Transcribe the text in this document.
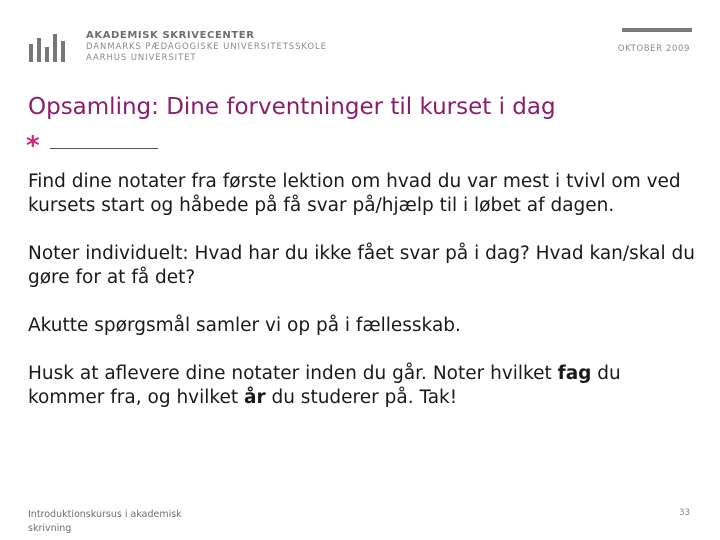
AKADEMISK SKRIVECENTER
DANMARKS PÆDAGOGISKE UNIVERSITETSSKOLE
AARHUS UNIVERSITET
OKTOBER 2009
Opsamling: Dine forventninger til kurset i dag
*

Find dine notater fra første lektion om hvad du var mest i tvivl om ved kursets start og håbede på få svar på/hjælp til i løbet af dagen.

Noter individuelt: Hvad har du ikke fået svar på i dag? Hvad kan/skal du gøre for at få det?

Akutte spørgsmål samler vi op på i fællesskab.

Husk at aflevere dine notater inden du går. Noter hvilket fag du kommer fra, og hvilket år du studerer på. Tak!

Introduktionskursus i akademisk skrivning
33
